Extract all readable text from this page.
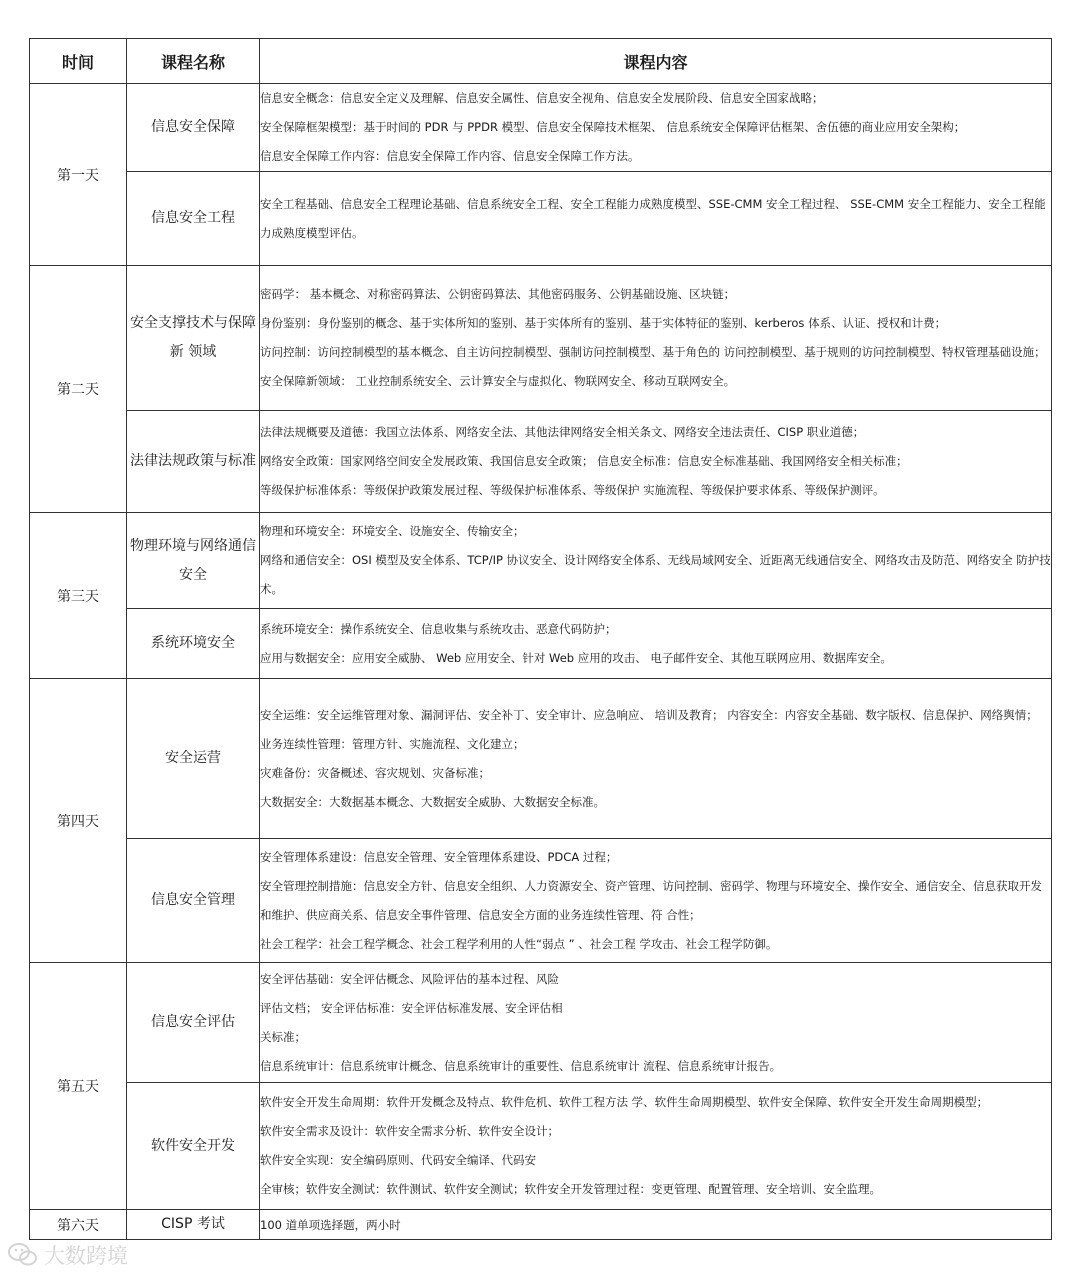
时间	课程名称	课程内容
第一天	信息安全保障	信息安全概念：信息安全定义及理解、信息安全属性、信息安全视角、信息安全发展阶段、信息安全国家战略；
安全保障框架模型：基于时间的 PDR 与 PPDR 模型、信息安全保障技术框架、 信息系统安全保障评估框架、舍伍德的商业应用安全架构；
信息安全保障工作内容：信息安全保障工作内容、信息安全保障工作方法。

	信息安全工程	安全工程基础、信息安全工程理论基础、信息系统安全工程、安全工程能力成熟度模型、SSE-CMM 安全工程过程、 SSE-CMM 安全工程能力、安全工程能力成熟度模型评估。

第二天	安全支撑技术与保障新 领域	密码学： 基本概念、对称密码算法、公钥密码算法、其他密码服务、公钥基础设施、区块链；
身份鉴别：身份鉴别的概念、基于实体所知的鉴别、基于实体所有的鉴别、基于实体特征的鉴别、kerberos 体系、认证、授权和计费；
访问控制：访问控制模型的基本概念、自主访问控制模型、强制访问控制模型、基于角色的 访问控制模型、基于规则的访问控制模型、特权管理基础设施；
安全保障新领域： 工业控制系统安全、云计算安全与虚拟化、物联网安全、移动互联网安全。

	法律法规政策与标准	法律法规概要及道德：我国立法体系、网络安全法、其他法律网络安全相关条文、网络安全违法责任、CISP 职业道德；
网络安全政策：国家网络空间安全发展政策、我国信息安全政策； 信息安全标准：信息安全标准基础、我国网络安全相关标准；
等级保护标准体系：等级保护政策发展过程、等级保护标准体系、等级保护 实施流程、等级保护要求体系、等级保护测评。

第三天	物理环境与网络通信安全	物理和环境安全：环境安全、设施安全、传输安全；
网络和通信安全：OSI 模型及安全体系、TCP/IP 协议安全、设计网络安全体系、无线局域网安全、近距离无线通信安全、网络攻击及防范、网络安全 防护技术。

	系统环境安全	系统环境安全：操作系统安全、信息收集与系统攻击、恶意代码防护；
应用与数据安全：应用安全威胁、 Web 应用安全、针对 Web 应用的攻击、 电子邮件安全、其他互联网应用、数据库安全。

第四天	安全运营	安全运维：安全运维管理对象、漏洞评估、安全补丁、安全审计、应急响应、 培训及教育； 内容安全：内容安全基础、数字版权、信息保护、网络舆情；
业务连续性管理：管理方针、实施流程、文化建立；
灾难备份：灾备概述、容灾规划、灾备标准；
大数据安全：大数据基本概念、大数据安全威胁、大数据安全标准。

	信息安全管理	安全管理体系建设：信息安全管理、安全管理体系建设、PDCA 过程；
安全管理控制措施：信息安全方针、信息安全组织、人力资源安全、资产管理、访问控制、密码学、物理与环境安全、操作安全、通信安全、信息获取开发 和维护、供应商关系、信息安全事件管理、信息安全方面的业务连续性管理、符 合性；
社会工程学：社会工程学概念、社会工程学利用的人性“弱点 ” 、社会工程 学攻击、社会工程学防御。

第五天	信息安全评估	安全评估基础：安全评估概念、风险评估的基本过程、风险
评估文档； 安全评估标准：安全评估标准发展、安全评估相
关标准；
信息系统审计：信息系统审计概念、信息系统审计的重要性、信息系统审计 流程、信息系统审计报告。

	软件安全开发	软件安全开发生命周期：软件开发概念及特点、软件危机、软件工程方法 学、软件生命周期模型、软件安全保障、软件安全开发生命周期模型；
软件安全需求及设计：软件安全需求分析、软件安全设计；
软件安全实现：安全编码原则、代码安全编译、代码安
全审核；软件安全测试：软件测试、软件安全测试；软件安全开发管理过程：变更管理、配置管理、安全培训、安全监理。

第六天	CISP 考试	100 道单项选择题，两小时
大数跨境
